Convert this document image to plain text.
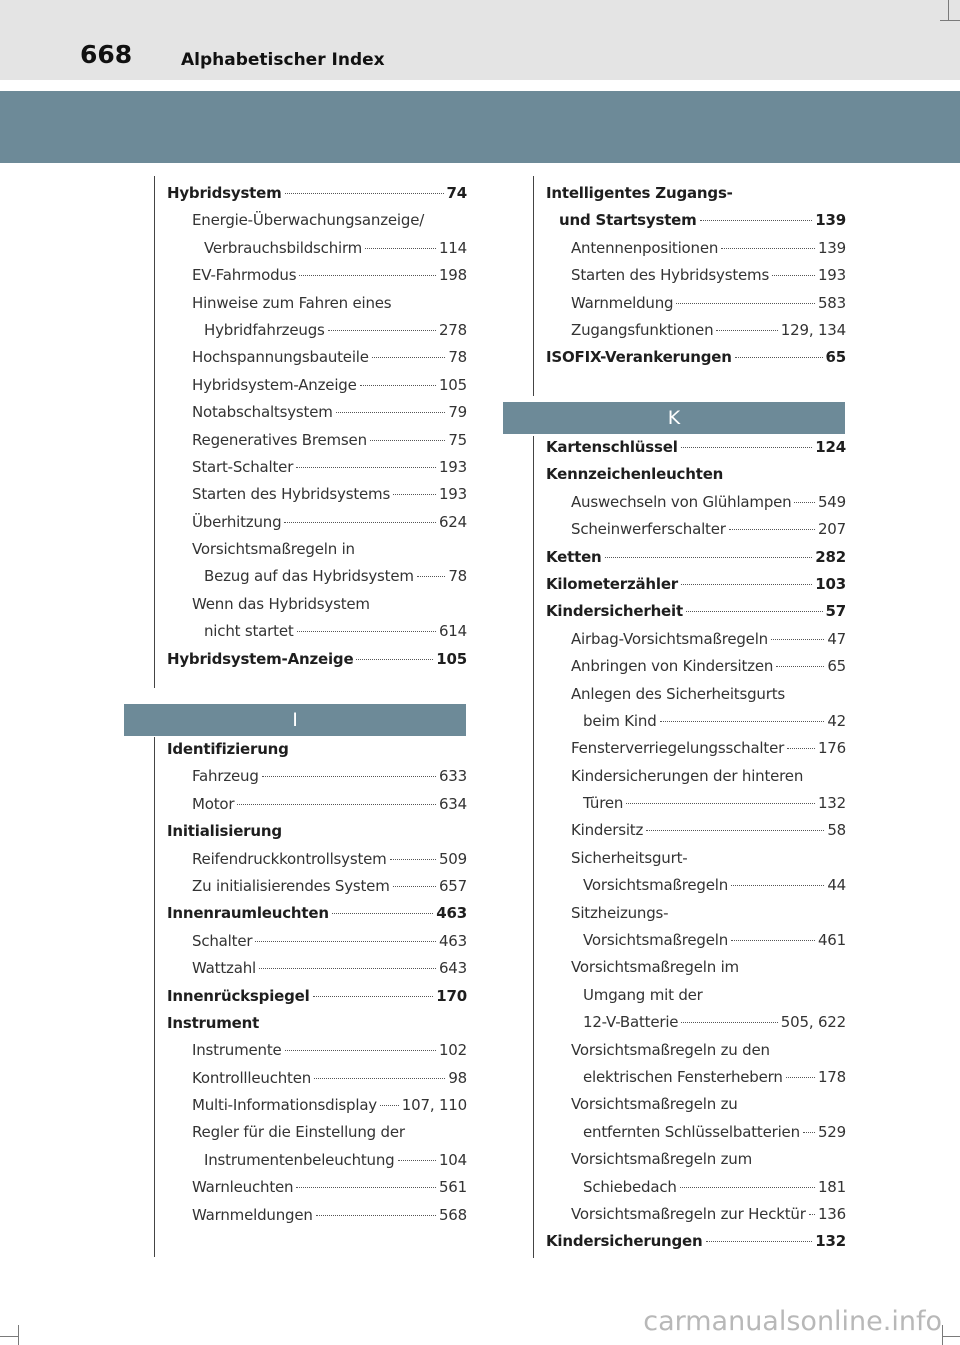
668	Alphabetischer Index
I
K
Hybridsystem	74
Energie-Überwachungsanzeige/
Verbrauchsbildschirm	114
EV-Fahrmodus	198
Hinweise zum Fahren eines
Hybridfahrzeugs	278
Hochspannungsbauteile	78
Hybridsystem-Anzeige	105
Notabschaltsystem	79
Regeneratives Bremsen	75
Start-Schalter	193
Starten des Hybridsystems	193
Überhitzung	624
Vorsichtsmaßregeln in
Bezug auf das Hybridsystem 78
Wenn das Hybridsystem
nicht startet	614
Hybridsystem-Anzeige	105
Identifizierung
Fahrzeug	633
Motor	634
Initialisierung
Reifendruckkontrollsystem	509
Zu initialisierendes System	657
Innenraumleuchten	463
Schalter	463
Wattzahl	643
Innenrückspiegel	170
Instrument
Instrumente	102
Kontrollleuchten	98
Multi-Informationsdisplay 107, 110
Regler für die Einstellung der
Instrumentenbeleuchtung	104
Warnleuchten	561
Warnmeldungen	568
Intelligentes Zugangs-
und Startsystem	139
Antennenpositionen	139
Starten des Hybridsystems	193
Warnmeldung	583
Zugangsfunktionen	129, 134
ISOFIX-Verankerungen	65
Kartenschlüssel	124
Kennzeichenleuchten
Auswechseln von Glühlampen 549
Scheinwerferschalter	207
Ketten	282
Kilometerzähler	103
Kindersicherheit	57
Airbag-Vorsichtsmaßregeln	47
Anbringen von Kindersitzen	65
Anlegen des Sicherheitsgurts
beim Kind	42
Fensterverriegelungsschalter 176
Kindersicherungen der hinteren
Türen	132
Kindersitz	58
Sicherheitsgurt-
Vorsichtsmaßregeln	44
Sitzheizungs-
Vorsichtsmaßregeln	461
Vorsichtsmaßregeln im
Umgang mit der
12-V-Batterie	505, 622
Vorsichtsmaßregeln zu den
elektrischen Fensterhebern 178
Vorsichtsmaßregeln zu
entfernten Schlüsselbatterien 529
Vorsichtsmaßregeln zum
Schiebedach	181
Vorsichtsmaßregeln zur Hecktür 136
Kindersicherungen	132
carmanualsonline.info
